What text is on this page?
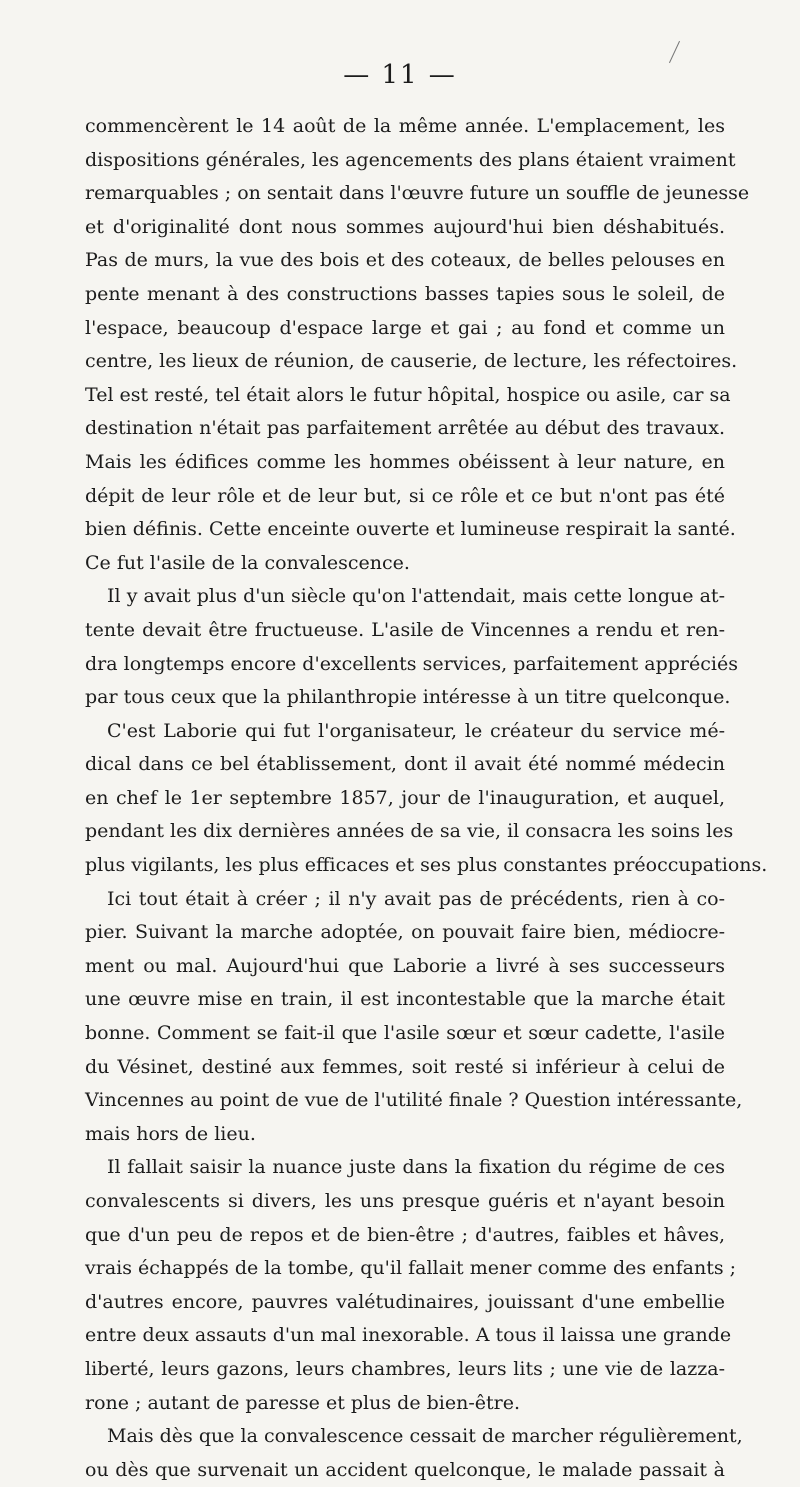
— 11 —
commencèrent le 14 août de la même année. L'emplacement, les
dispositions générales, les agencements des plans étaient vraiment
remarquables ; on sentait dans l'œuvre future un souffle de jeunesse
et d'originalité dont nous sommes aujourd'hui bien déshabitués.
Pas de murs, la vue des bois et des coteaux, de belles pelouses en
pente menant à des constructions basses tapies sous le soleil, de
l'espace, beaucoup d'espace large et gai ; au fond et comme un
centre, les lieux de réunion, de causerie, de lecture, les réfectoires.
Tel est resté, tel était alors le futur hôpital, hospice ou asile, car sa
destination n'était pas parfaitement arrêtée au début des travaux.
Mais les édifices comme les hommes obéissent à leur nature, en
dépit de leur rôle et de leur but, si ce rôle et ce but n'ont pas été
bien définis. Cette enceinte ouverte et lumineuse respirait la santé.
Ce fut l'asile de la convalescence.
Il y avait plus d'un siècle qu'on l'attendait, mais cette longue at-
tente devait être fructueuse. L'asile de Vincennes a rendu et ren-
dra longtemps encore d'excellents services, parfaitement appréciés
par tous ceux que la philanthropie intéresse à un titre quelconque.
C'est Laborie qui fut l'organisateur, le créateur du service mé-
dical dans ce bel établissement, dont il avait été nommé médecin
en chef le 1er septembre 1857, jour de l'inauguration, et auquel,
pendant les dix dernières années de sa vie, il consacra les soins les
plus vigilants, les plus efficaces et ses plus constantes préoccupations.
Ici tout était à créer ; il n'y avait pas de précédents, rien à co-
pier. Suivant la marche adoptée, on pouvait faire bien, médiocre-
ment ou mal. Aujourd'hui que Laborie a livré à ses successeurs
une œuvre mise en train, il est incontestable que la marche était
bonne. Comment se fait-il que l'asile sœur et sœur cadette, l'asile
du Vésinet, destiné aux femmes, soit resté si inférieur à celui de
Vincennes au point de vue de l'utilité finale ? Question intéressante,
mais hors de lieu.
Il fallait saisir la nuance juste dans la fixation du régime de ces
convalescents si divers, les uns presque guéris et n'ayant besoin
que d'un peu de repos et de bien-être ; d'autres, faibles et hâves,
vrais échappés de la tombe, qu'il fallait mener comme des enfants ;
d'autres encore, pauvres valétudinaires, jouissant d'une embellie
entre deux assauts d'un mal inexorable. A tous il laissa une grande
liberté, leurs gazons, leurs chambres, leurs lits ; une vie de lazza-
rone ; autant de paresse et plus de bien-être.
Mais dès que la convalescence cessait de marcher régulièrement,
ou dès que survenait un accident quelconque, le malade passait à
